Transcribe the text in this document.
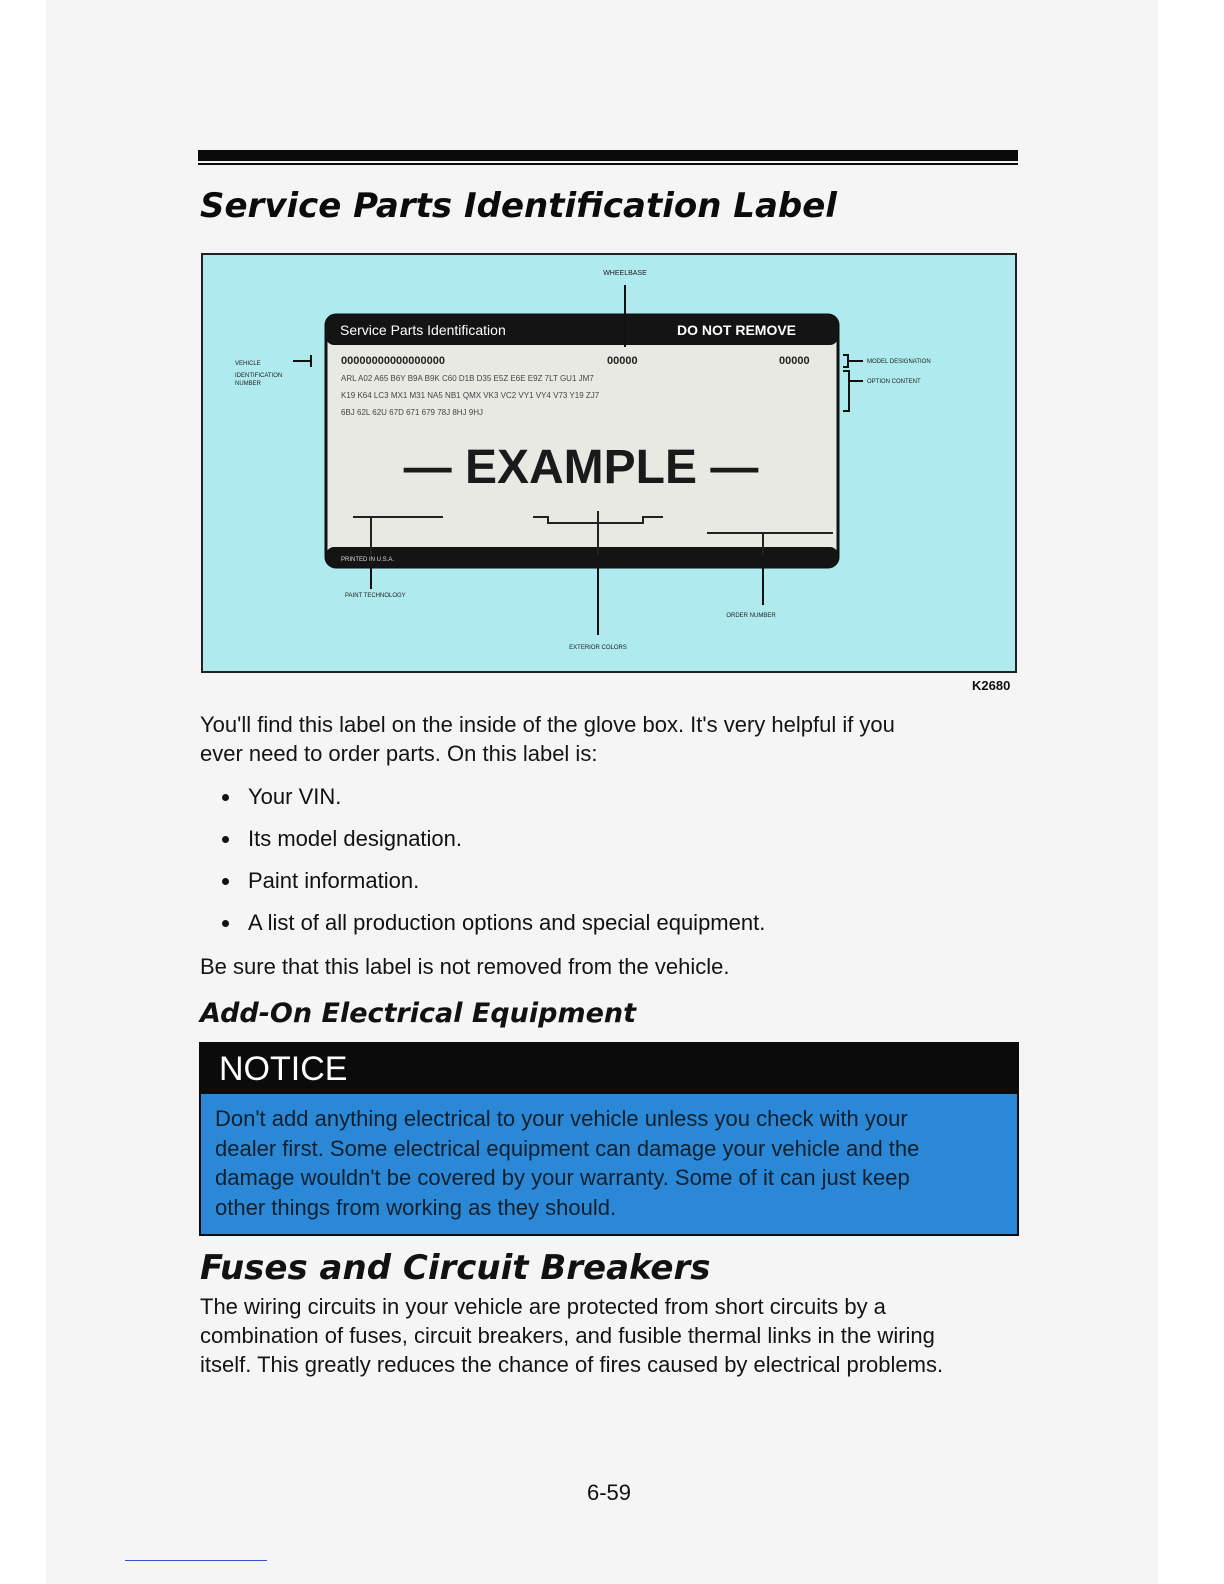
Service Parts Identification Label
Service Parts Identification	DO NOT REMOVE
00000000000000000	00000	00000
ARL A02 A65 B6Y B9A B9K C60 D1B D35 E5Z E6E E9Z 7LT GU1 JM7
K19 K64 LC3 MX1 M31 NA5 NB1 QMX VK3 VC2 VY1 VY4 V73 Y19 ZJ7
6BJ 62L 62U 67D 671 679 78J 8HJ 9HJ
— EXAMPLE —
PRINTED IN U.S.A.
WHEELBASE
VEHICLE
IDENTIFICATION
NUMBER
MODEL DESIGNATION
OPTION CONTENT
PAINT TECHNOLOGY
EXTERIOR COLORS
ORDER NUMBER
K2680

You'll find this label on the inside of the glove box. It's very helpful if you

ever need to order parts. On this label is:

Your VIN.
Its model designation.
Paint information.
A list of all production options and special equipment.

Be sure that this label is not removed from the vehicle.

Add-On Electrical Equipment
NOTICE
Don't add anything electrical to your vehicle unless you check with your
dealer first. Some electrical equipment can damage your vehicle and the
damage wouldn't be covered by your warranty. Some of it can just keep
other things from working as they should.
Fuses and Circuit Breakers

The wiring circuits in your vehicle are protected from short circuits by a

combination of fuses, circuit breakers, and fusible thermal links in the wiring

itself. This greatly reduces the chance of fires caused by electrical problems.

6-59
